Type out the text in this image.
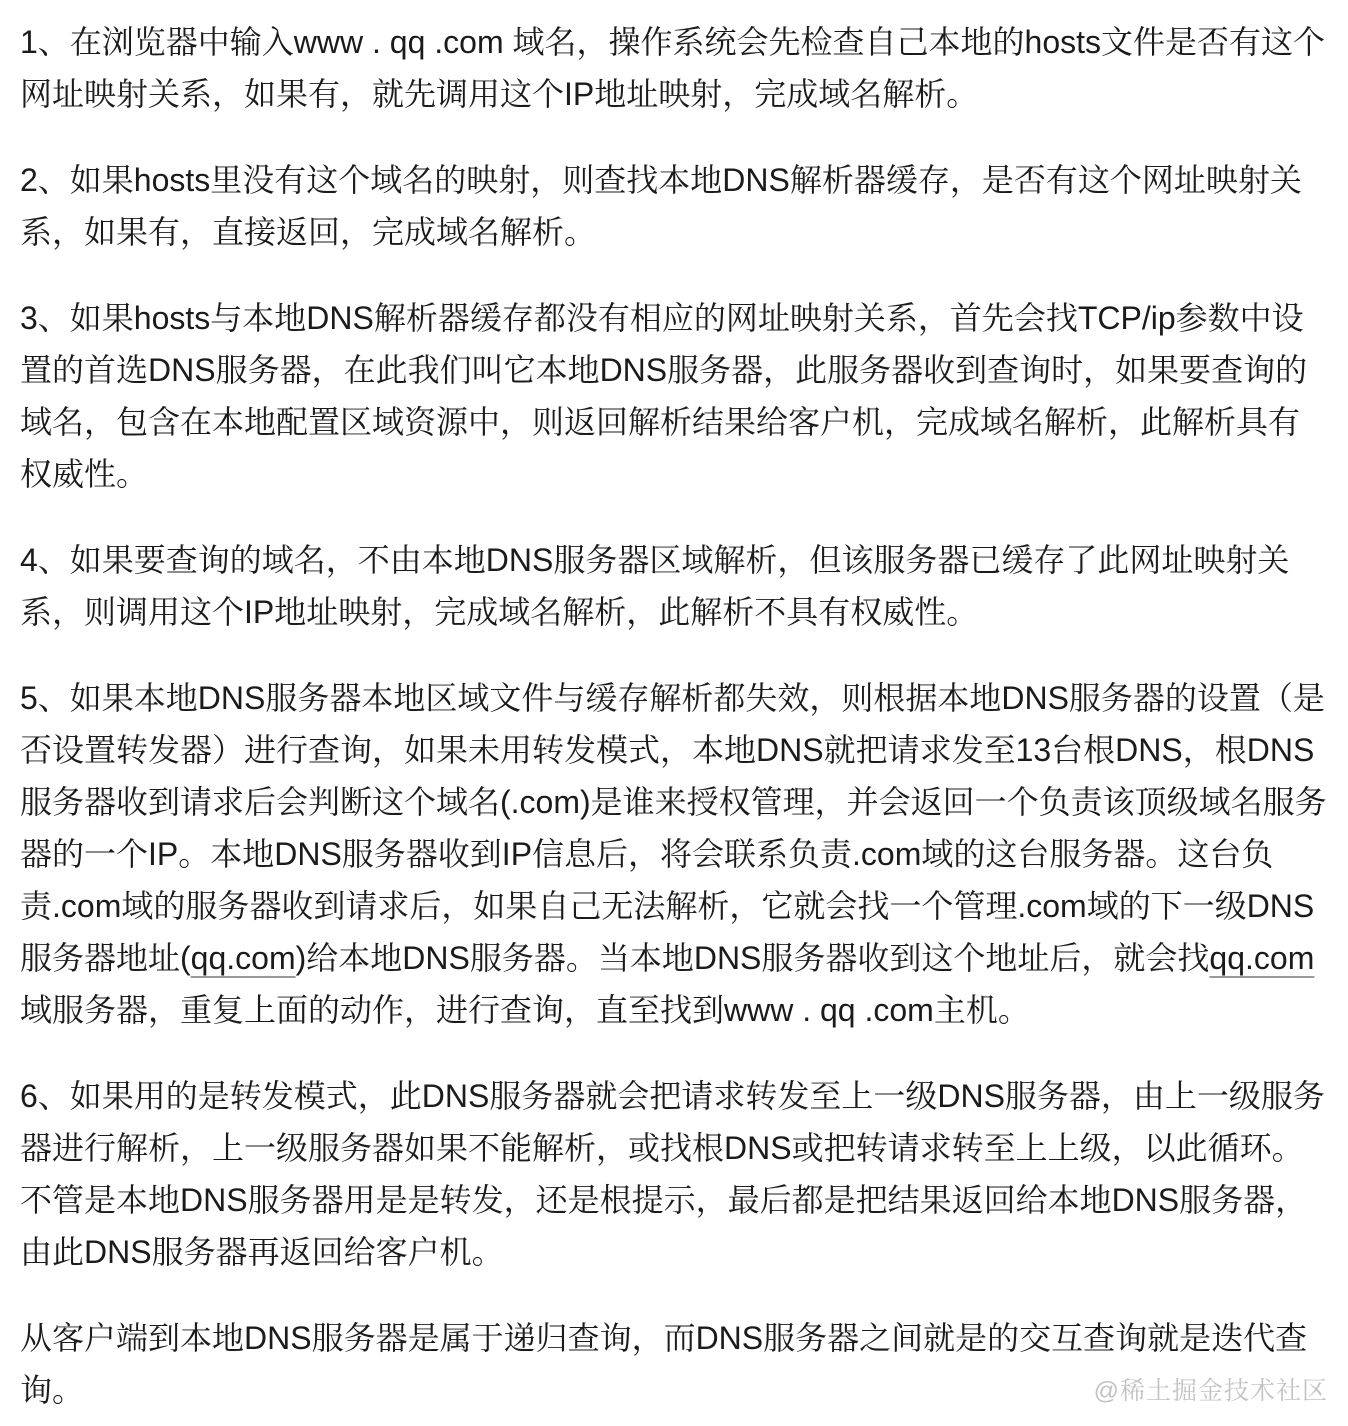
1、在浏览器中输入www . qq .com 域名，操作系统会先检查自己本地的hosts文件是否有这个网址映射关系，如果有，就先调用这个IP地址映射，完成域名解析。

2、如果hosts里没有这个域名的映射，则查找本地DNS解析器缓存，是否有这个网址映射关系，如果有，直接返回，完成域名解析。

3、如果hosts与本地DNS解析器缓存都没有相应的网址映射关系，首先会找TCP/ip参数中设置的首选DNS服务器，在此我们叫它本地DNS服务器，此服务器收到查询时，如果要查询的域名，包含在本地配置区域资源中，则返回解析结果给客户机，完成域名解析，此解析具有权威性。

4、如果要查询的域名，不由本地DNS服务器区域解析，但该服务器已缓存了此网址映射关系，则调用这个IP地址映射，完成域名解析，此解析不具有权威性。

5、如果本地DNS服务器本地区域文件与缓存解析都失效，则根据本地DNS服务器的设置（是否设置转发器）进行查询，如果未用转发模式，本地DNS就把请求发至13台根DNS，根DNS服务器收到请求后会判断这个域名(.com)是谁来授权管理，并会返回一个负责该顶级域名服务器的一个IP。本地DNS服务器收到IP信息后，将会联系负责.com域的这台服务器。这台负责.com域的服务器收到请求后，如果自己无法解析，它就会找一个管理.com域的下一级DNS服务器地址(qq.com)给本地DNS服务器。当本地DNS服务器收到这个地址后，就会找qq.com域服务器，重复上面的动作，进行查询，直至找到www . qq .com主机。

6、如果用的是转发模式，此DNS服务器就会把请求转发至上一级DNS服务器，由上一级服务器进行解析，上一级服务器如果不能解析，或找根DNS或把转请求转至上上级，以此循环。不管是本地DNS服务器用是是转发，还是根提示，最后都是把结果返回给本地DNS服务器，由此DNS服务器再返回给客户机。

从客户端到本地DNS服务器是属于递归查询，而DNS服务器之间就是的交互查询就是迭代查询。	@稀土掘金技术社区
